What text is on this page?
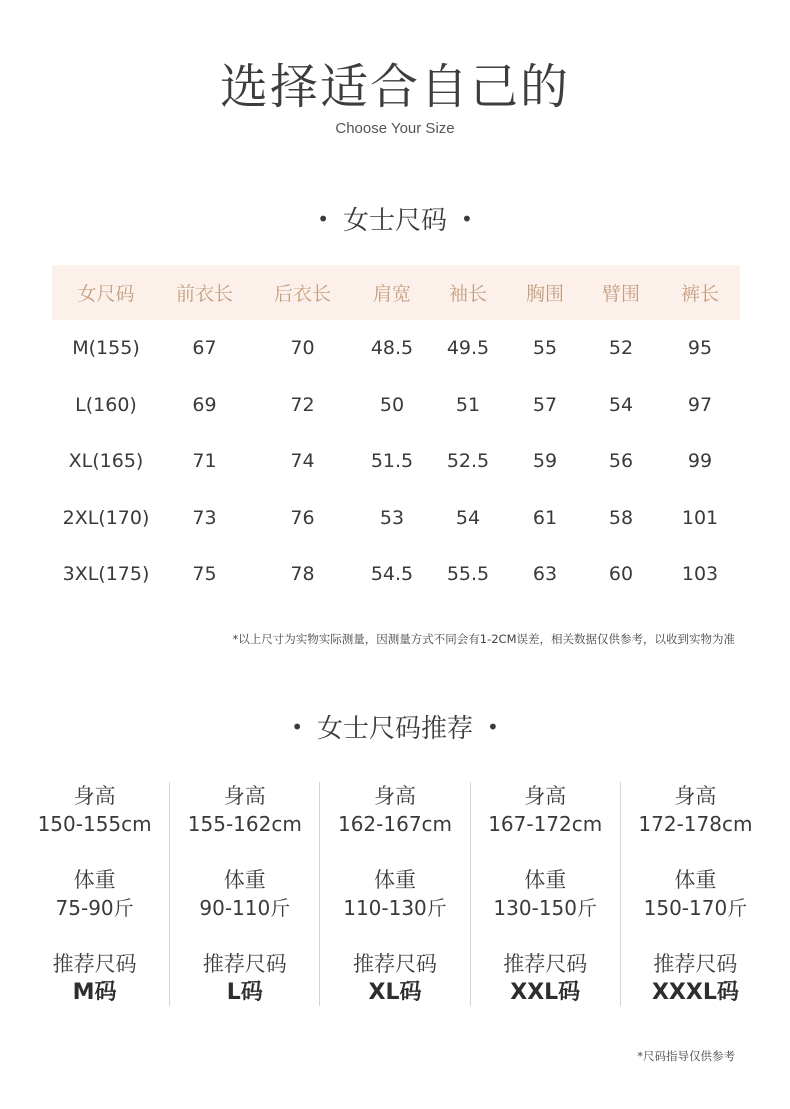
选择适合自己的
Choose Your Size
• 女士尺码 •
女尺码	前衣长	后衣长	肩宽	袖长	胸围	臂围	裤长
M(155)	67	70	48.5	49.5	55	52	95
L(160)	69	72	50	51	57	54	97
XL(165)	71	74	51.5	52.5	59	56	99
2XL(170)	73	76	53	54	61	58	101
3XL(175)	75	78	54.5	55.5	63	60	103
*以上尺寸为实物实际测量，因测量方式不同会有1-2CM误差，相关数据仅供参考，以收到实物为准
• 女士尺码推荐 •
身高
150-155cm
体重
75-90斤
推荐尺码
M码
身高
155-162cm
体重
90-110斤
推荐尺码
L码
身高
162-167cm
体重
110-130斤
推荐尺码
XL码
身高
167-172cm
体重
130-150斤
推荐尺码
XXL码
身高
172-178cm
体重
150-170斤
推荐尺码
XXXL码
*尺码指导仅供参考
